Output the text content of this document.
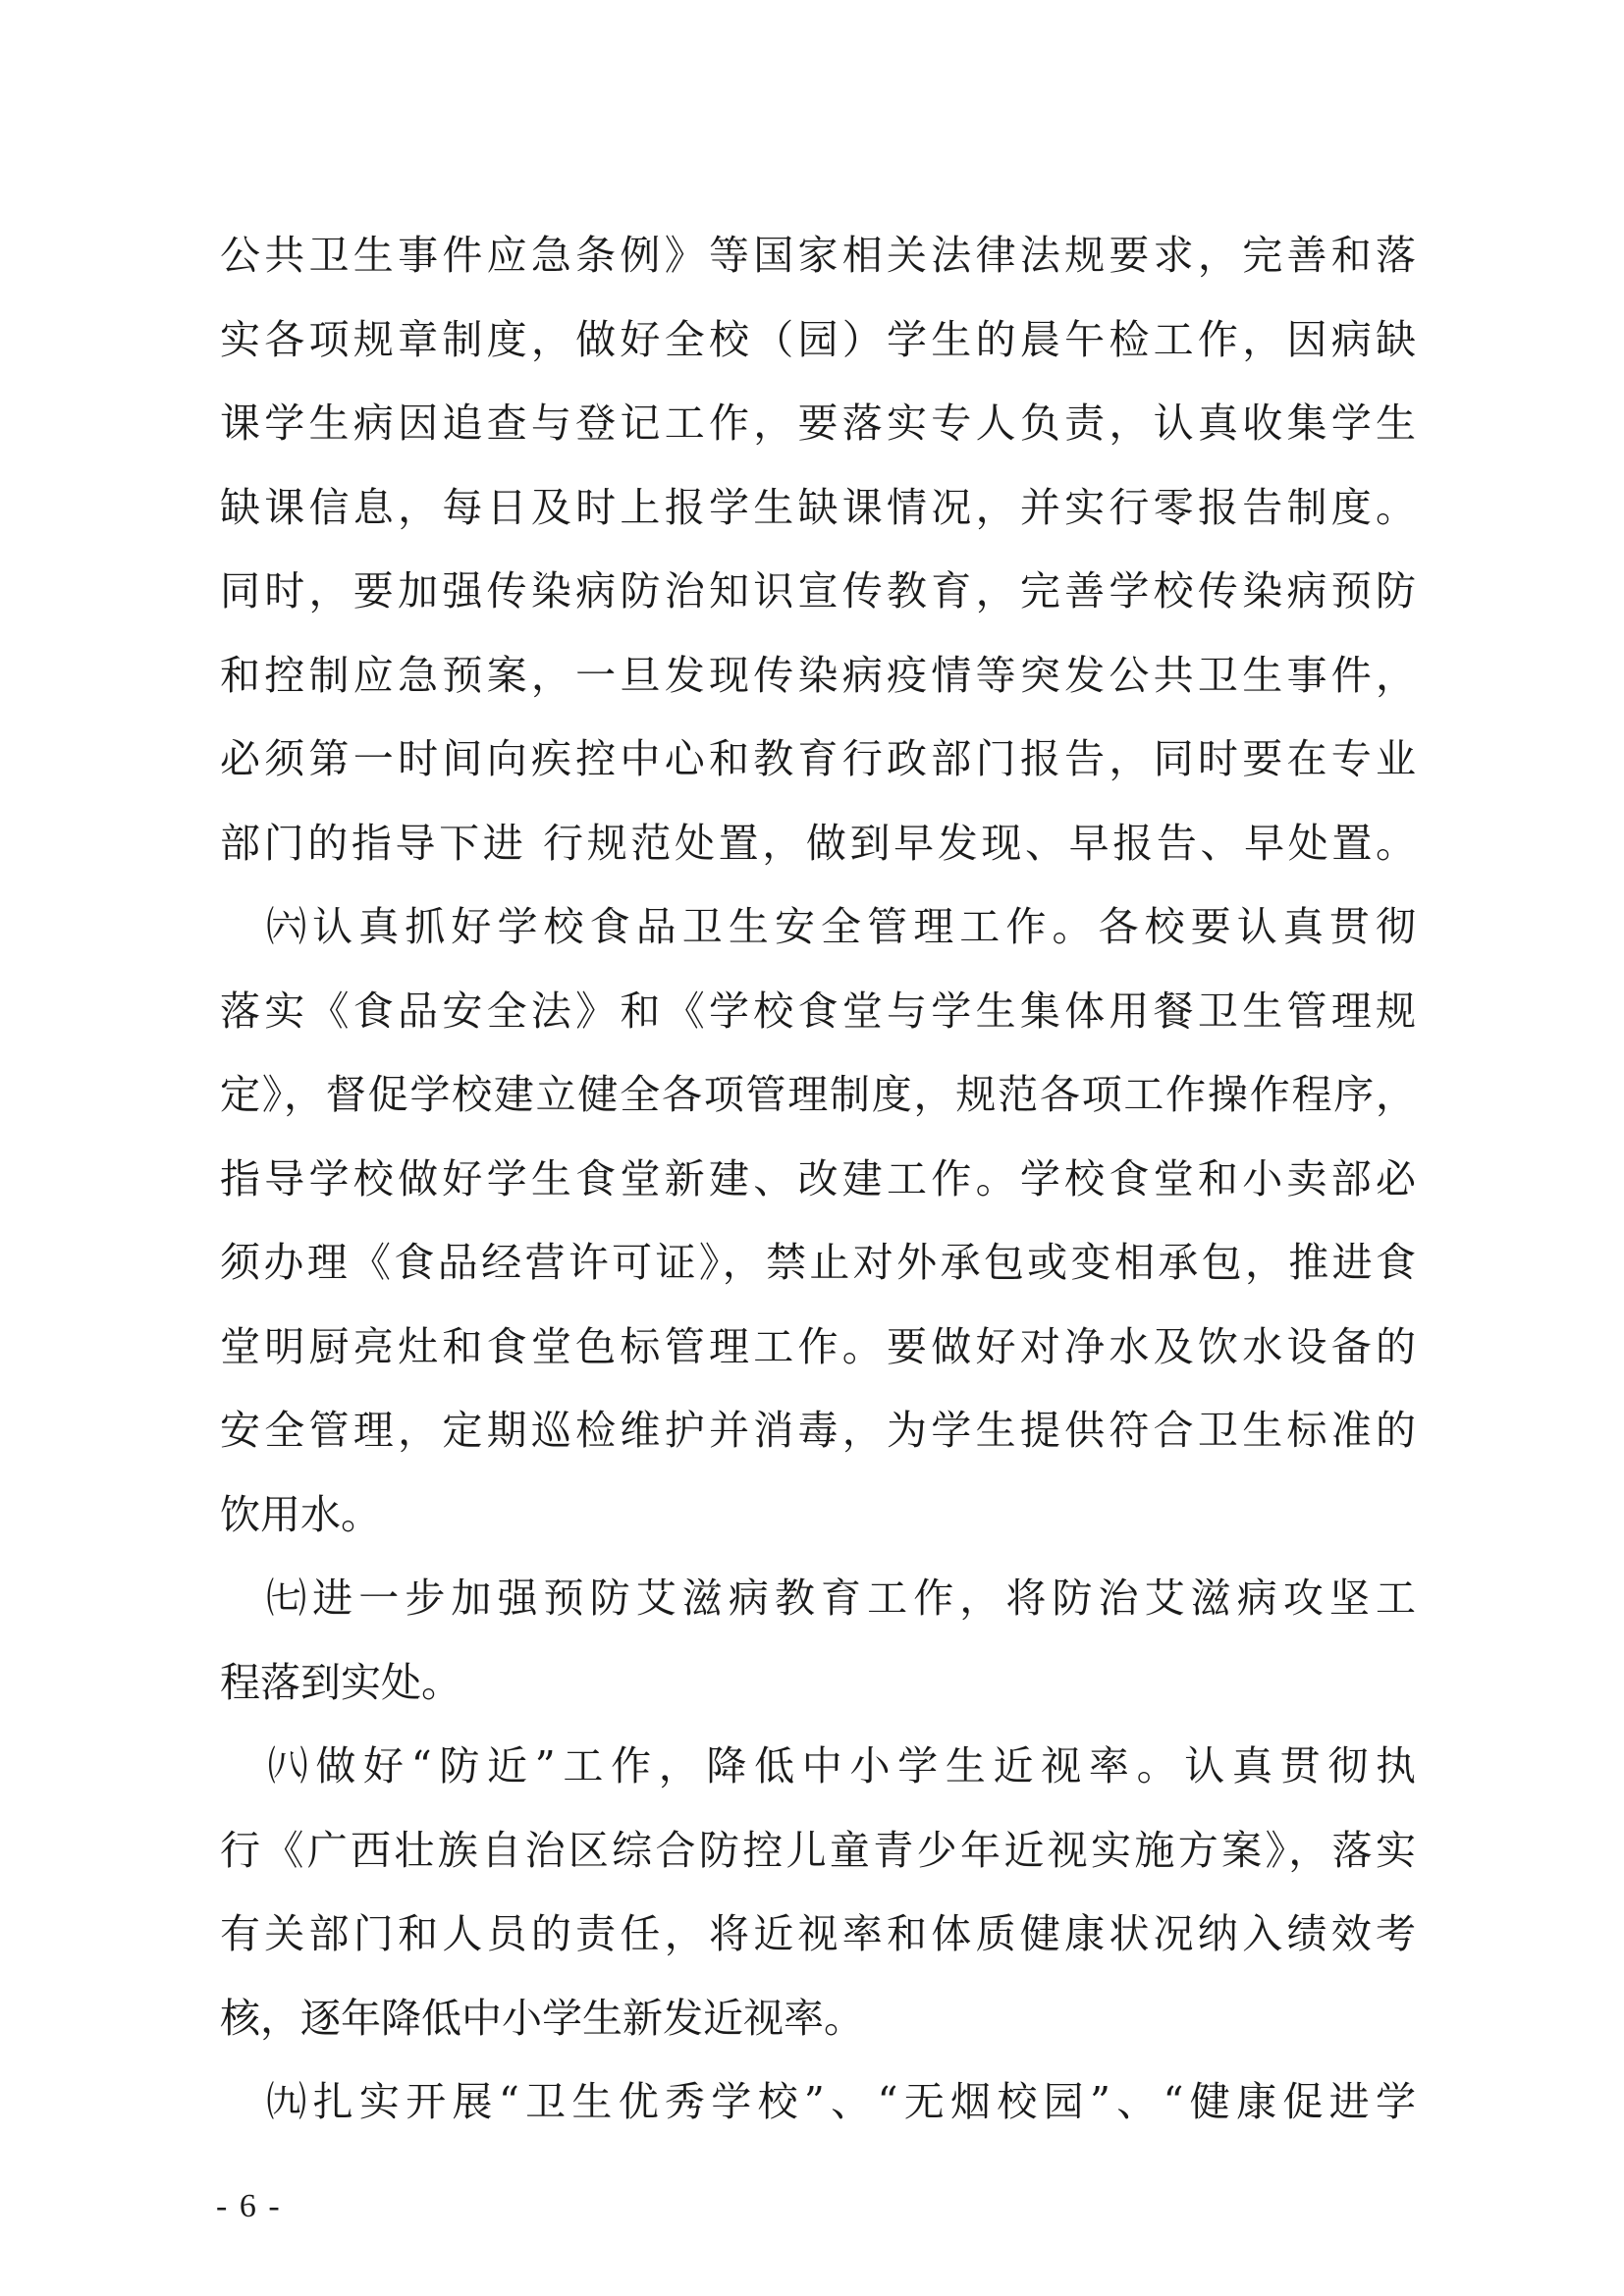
公共卫生事件应急条例》等国家相关法律法规要求，完善和落
实各项规章制度，做好全校（园）学生的晨午检工作，因病缺
课学生病因追查与登记工作，要落实专人负责，认真收集学生
缺课信息，每日及时上报学生缺课情况，并实行零报告制度。
同时，要加强传染病防治知识宣传教育，完善学校传染病预防
和控制应急预案，一旦发现传染病疫情等突发公共卫生事件，
必须第一时间向疾控中心和教育行政部门报告，同时要在专业
部门的指导下进 行规范处置，做到早发现、早报告、早处置。
　㈥认真抓好学校食品卫生安全管理工作。各校要认真贯彻
落实《食品安全法》和《学校食堂与学生集体用餐卫生管理规
定》，督促学校建立健全各项管理制度，规范各项工作操作程序，
指导学校做好学生食堂新建、改建工作。学校食堂和小卖部必
须办理《食品经营许可证》，禁止对外承包或变相承包，推进食
堂明厨亮灶和食堂色标管理工作。要做好对净水及饮水设备的
安全管理，定期巡检维护并消毒，为学生提供符合卫生标准的
饮用水。
　㈦进一步加强预防艾滋病教育工作，将防治艾滋病攻坚工
程落到实处。
　㈧做好“防近”工作，降低中小学生近视率。认真贯彻执
行《广西壮族自治区综合防控儿童青少年近视实施方案》，落实
有关部门和人员的责任，将近视率和体质健康状况纳入绩效考
核，逐年降低中小学生新发近视率。
　㈨扎实开展“卫生优秀学校”、“无烟校园”、“健康促进学
- 6 -
